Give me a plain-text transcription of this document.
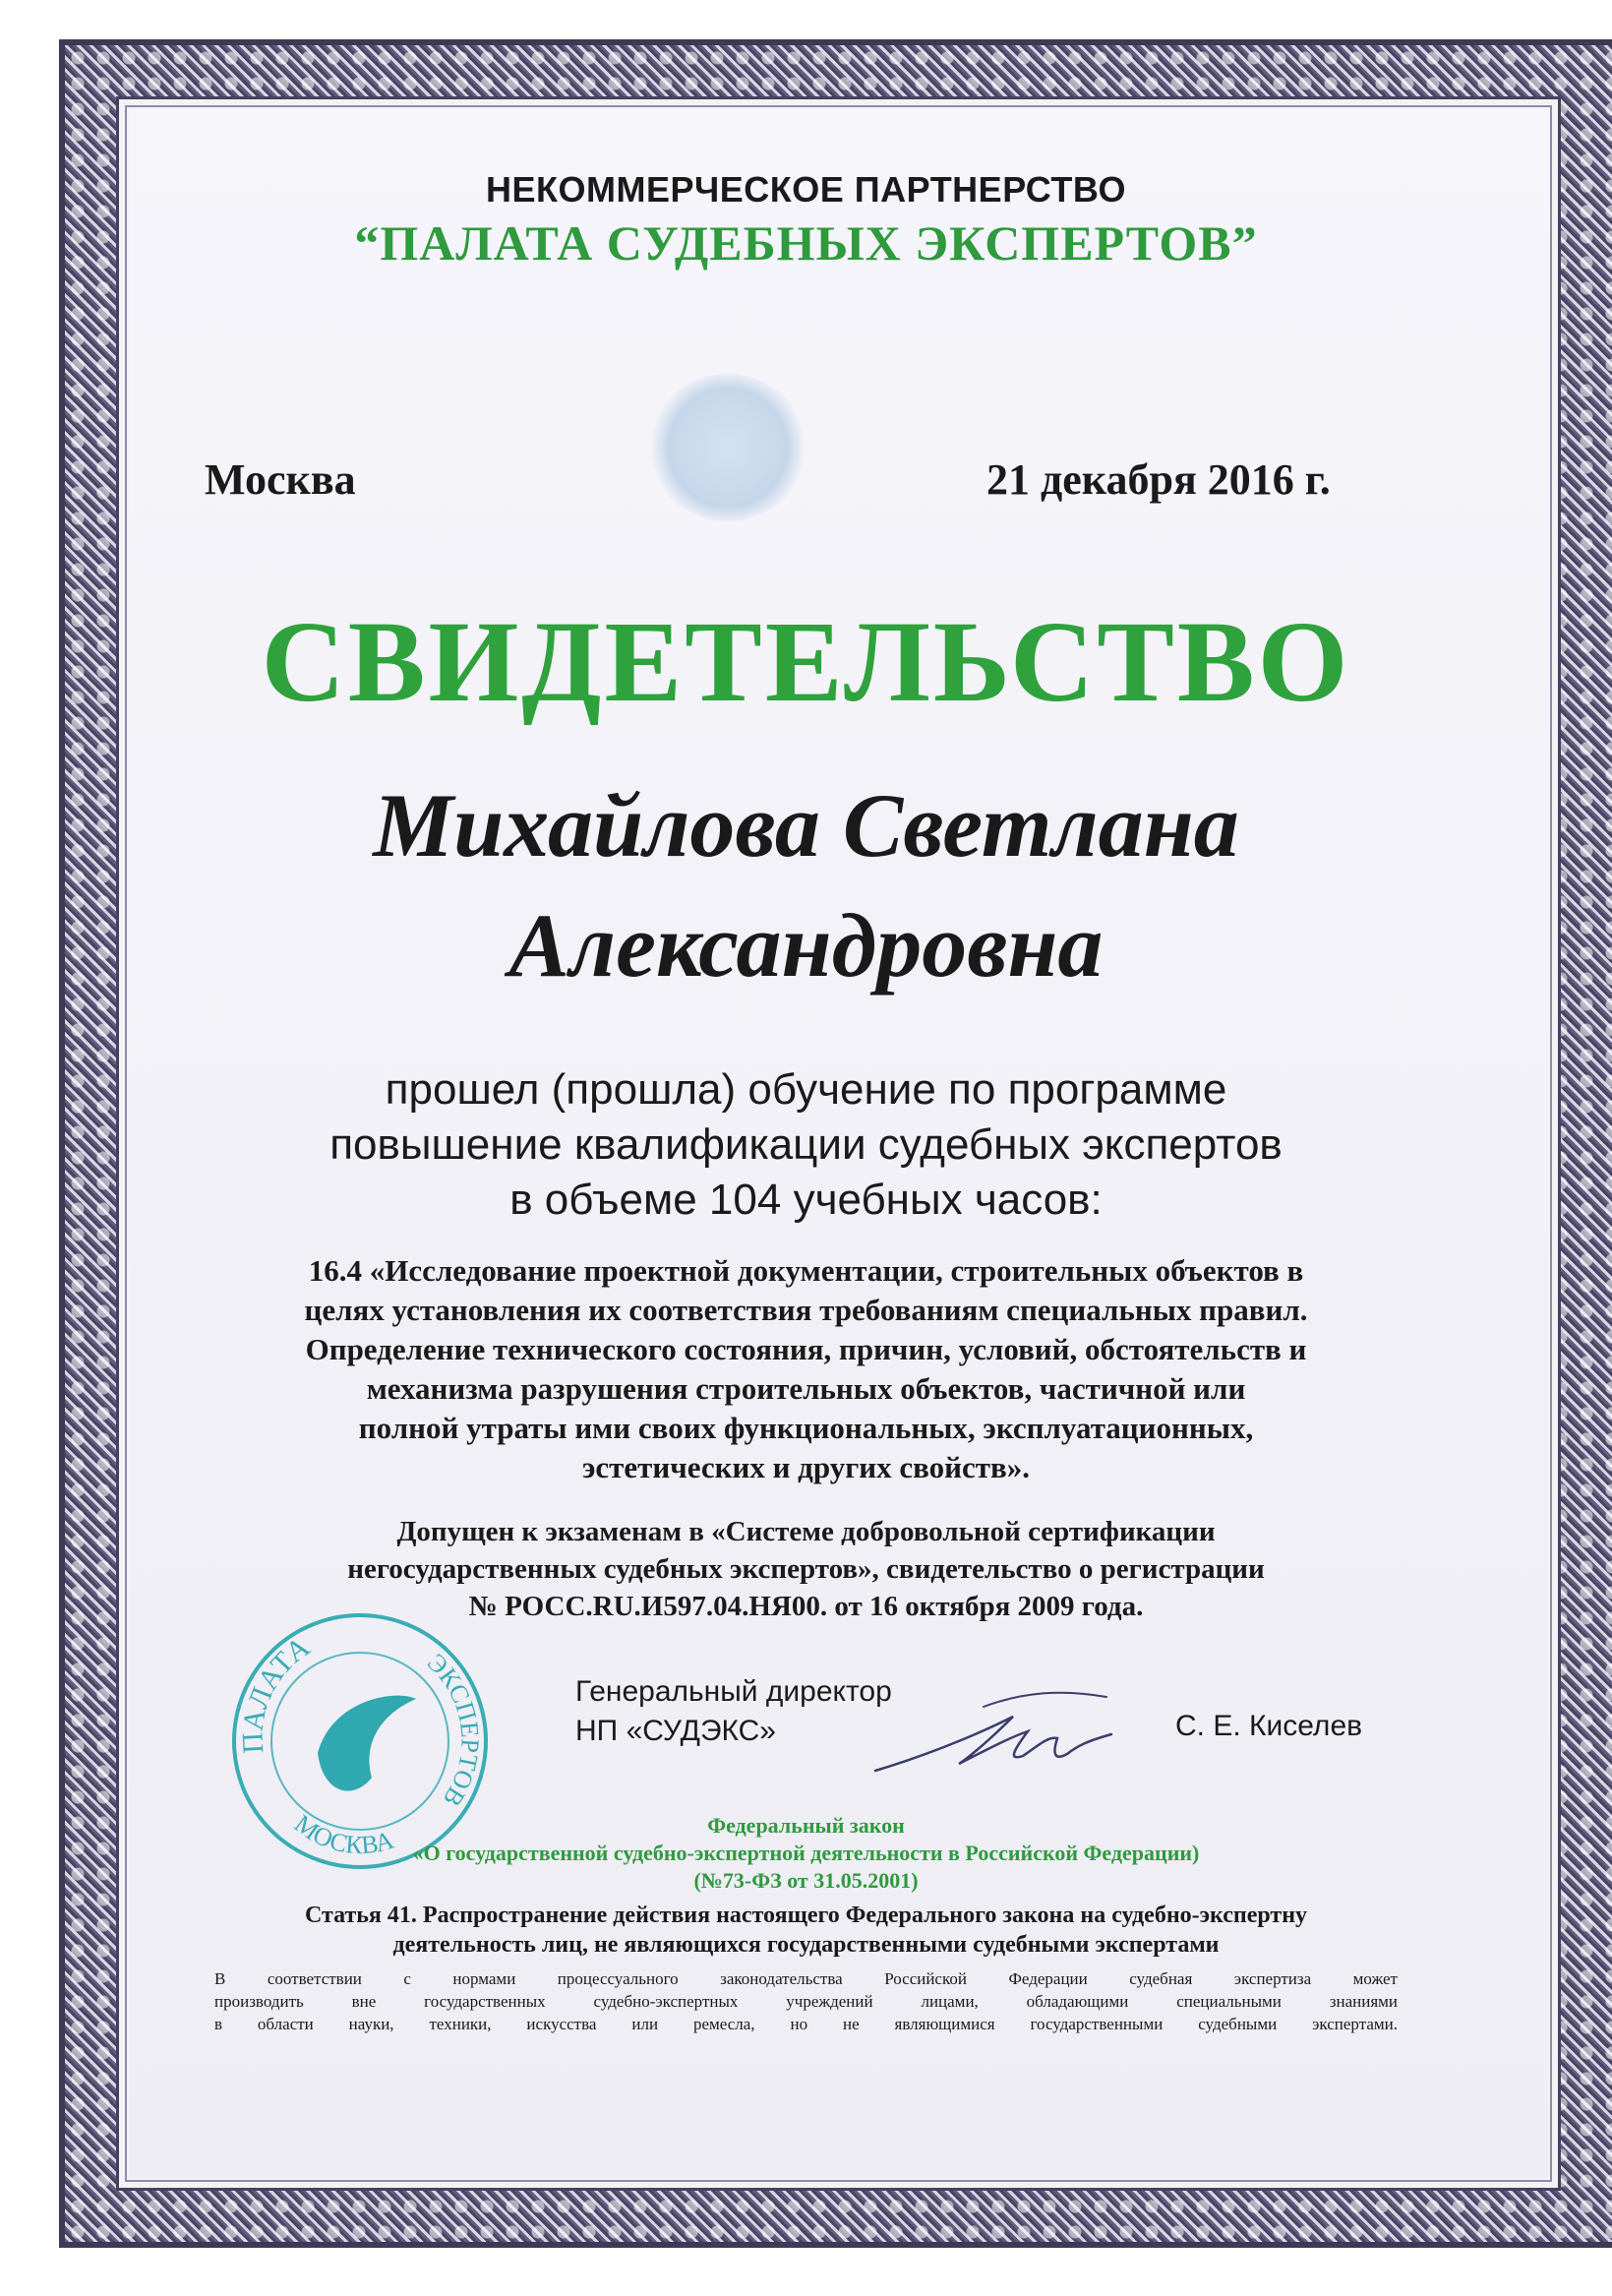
НЕКОММЕРЧЕСКОЕ ПАРТНЕРСТВО
“ПАЛАТА СУДЕБНЫХ ЭКСПЕРТОВ”
Москва	21 декабря 2016 г.
СВИДЕТЕЛЬСТВО
Михайлова Светлана
Александровна
прошел (прошла) обучение по программе
повышение квалификации судебных экспертов
в объеме 104 учебных часов:
16.4 «Исследование проектной документации, строительных объектов в
целях установления их соответствия требованиям специальных правил.
Определение технического состояния, причин, условий, обстоятельств и
механизма разрушения строительных объектов, частичной или
полной утраты ими своих функциональных, эксплуатационных,
эстетических и других свойств».
Допущен к экзаменам в «Системе добровольной сертификации
негосударственных судебных экспертов», свидетельство о регистрации
№ РОСС.RU.И597.04.НЯ00. от 16 октября 2009 года.
ПАЛАТА	ЭКСПЕРТОВ
МОСКВА
Генеральный директор
НП «СУДЭКС»	С. Е. Киселев
Федеральный закон
«О государственной судебно-экспертной деятельности в Российской Федерации)
(№73-ФЗ от 31.05.2001)
Статья 41. Распространение действия настоящего Федерального закона на судебно-экспертну
деятельность лиц, не являющихся государственными судебными экспертами
В соответствии с нормами процессуального законодательства Российской Федерации судебная экспертиза может
производить вне государственных судебно-экспертных учреждений лицами, обладающими специальными знаниями
в области науки, техники, искусства или ремесла, но не являющимися государственными судебными экспертами.
